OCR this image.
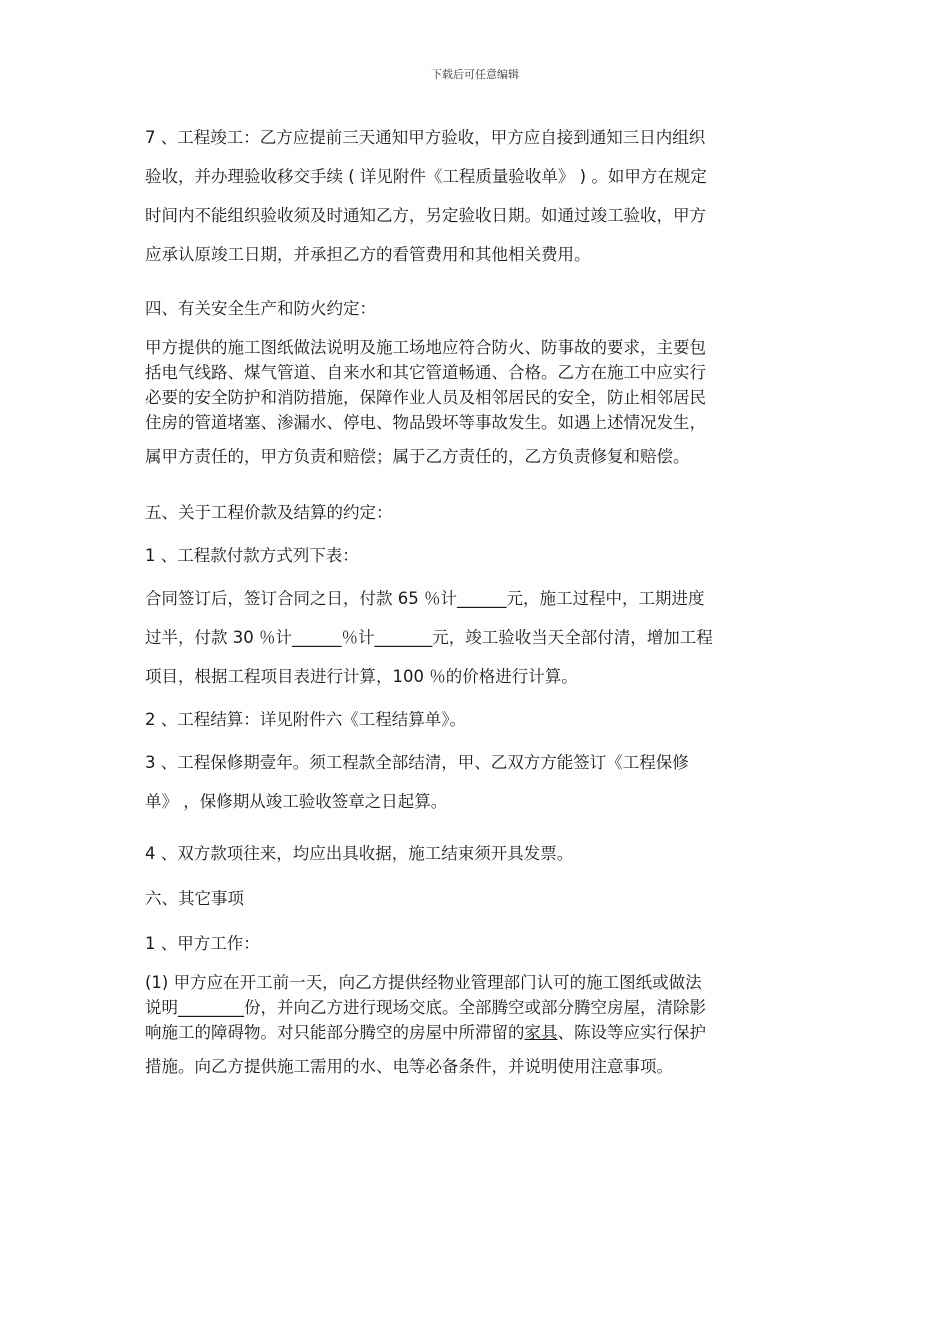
下载后可任意编辑
7 、工程竣工：乙方应提前三天通知甲方验收，甲方应自接到通知三日内组织
验收，并办理验收移交手续 ( 详见附件《工程质量验收单》 ) 。如甲方在规定
时间内不能组织验收须及时通知乙方，另定验收日期。如通过竣工验收，甲方
应承认原竣工日期，并承担乙方的看管费用和其他相关费用。
四、有关安全生产和防火约定：
甲方提供的施工图纸做法说明及施工场地应符合防火、防事故的要求，主要包
括电气线路、煤气管道、自来水和其它管道畅通、合格。乙方在施工中应实行
必要的安全防护和消防措施，保障作业人员及相邻居民的安全，防止相邻居民
住房的管道堵塞、渗漏水、停电、物品毁坏等事故发生。如遇上述情况发生，
属甲方责任的，甲方负责和赔偿；属于乙方责任的，乙方负责修复和赔偿。
五、关于工程价款及结算的约定：
1 、工程款付款方式列下表：
合同签订后，签订合同之日，付款 65 ％计______元，施工过程中，工期进度
过半，付款 30 ％计______％计_______元，竣工验收当天全部付清，增加工程
项目，根据工程项目表进行计算，100 ％的价格进行计算。
2 、工程结算：详见附件六《工程结算单》。
3 、工程保修期壹年。须工程款全部结清，甲、乙双方方能签订《工程保修
单》 ，保修期从竣工验收签章之日起算。
4 、双方款项往来，均应出具收据，施工结束须开具发票。
六、其它事项
1 、甲方工作：
(1) 甲方应在开工前一天，向乙方提供经物业管理部门认可的施工图纸或做法
说明________份，并向乙方进行现场交底。全部腾空或部分腾空房屋，清除影
响施工的障碍物。对只能部分腾空的房屋中所滞留的家具、陈设等应实行保护
措施。向乙方提供施工需用的水、电等必备条件，并说明使用注意事项。
